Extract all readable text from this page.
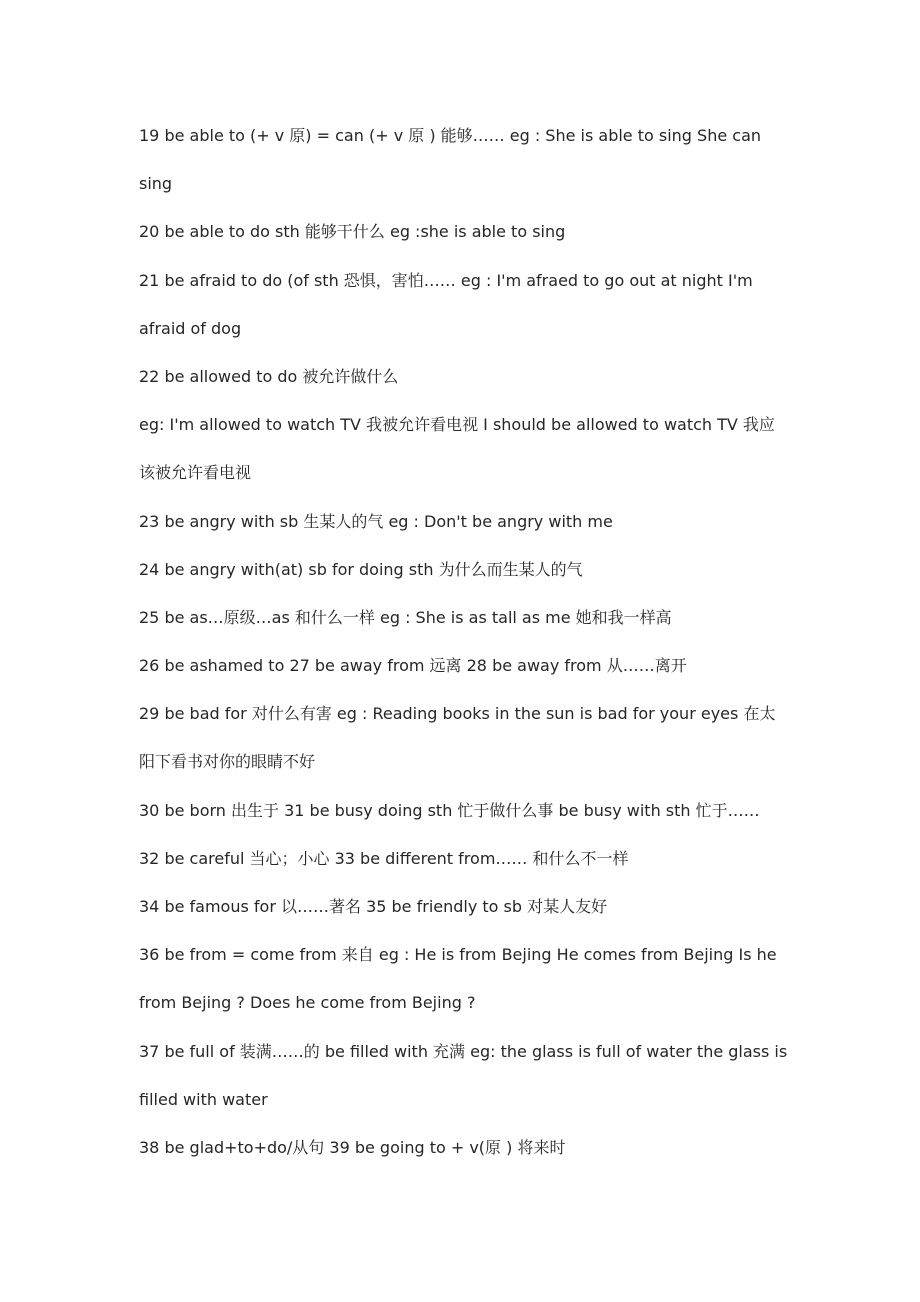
19 be able to (+ v 原) = can (+ v 原 ) 能够…… eg : She is able to sing She can
sing
20 be able to do sth 能够干什么 eg :she is able to sing
21 be afraid to do (of sth 恐惧，害怕…… eg : I'm afraed to go out at night I'm
afraid of dog
22 be allowed to do 被允许做什么
eg: I'm allowed to watch TV 我被允许看电视 I should be allowed to watch TV 我应
该被允许看电视
23 be angry with sb 生某人的气 eg : Don't be angry with me
24 be angry with(at) sb for doing sth 为什么而生某人的气
25 be as…原级…as 和什么一样 eg : She is as tall as me 她和我一样高
26 be ashamed to 27 be away from 远离 28 be away from 从……离开
29 be bad for 对什么有害 eg : Reading books in the sun is bad for your eyes 在太
阳下看书对你的眼睛不好
30 be born 出生于 31 be busy doing sth 忙于做什么事 be busy with sth 忙于……
32 be careful 当心；小心 33 be different from…… 和什么不一样
34 be famous for 以……著名 35 be friendly to sb 对某人友好
36 be from = come from 来自 eg : He is from Bejing He comes from Bejing Is he
from Bejing ? Does he come from Bejing ?
37 be full of 装满……的 be filled with 充满 eg: the glass is full of water the glass is
filled with water
38 be glad+to+do/从句 39 be going to + v(原 ) 将来时
